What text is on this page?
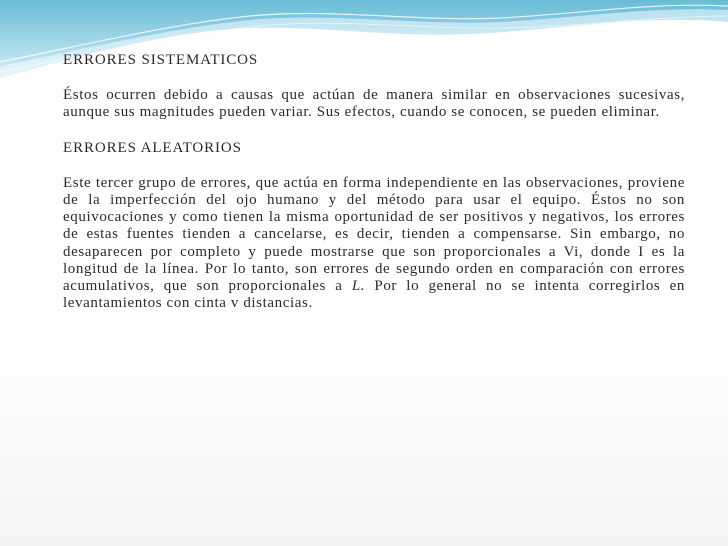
ERRORES SISTEMATICOS

Éstos ocurren debido a causas que actúan de manera similar en observaciones sucesivas, aunque sus magnitudes pueden variar. Sus efectos, cuando se conocen, se pueden eliminar.

ERRORES ALEATORIOS

Este tercer grupo de errores, que actúa en forma independiente en las observaciones, proviene de la imperfección del ojo humano y del método para usar el equipo. Éstos no son equivocaciones y como tienen la misma oportunidad de ser positivos y negativos, los errores de estas fuentes tienden a cancelarse, es decir, tienden a compensarse. Sin embargo, no desaparecen por completo y puede mostrarse que son proporcionales a Vi, donde I es la longitud de la línea. Por lo tanto, son errores de segundo orden en comparación con errores acumulativos, que son proporcionales a L. Por lo general no se intenta corregirlos en levantamientos con cinta v distancias.
